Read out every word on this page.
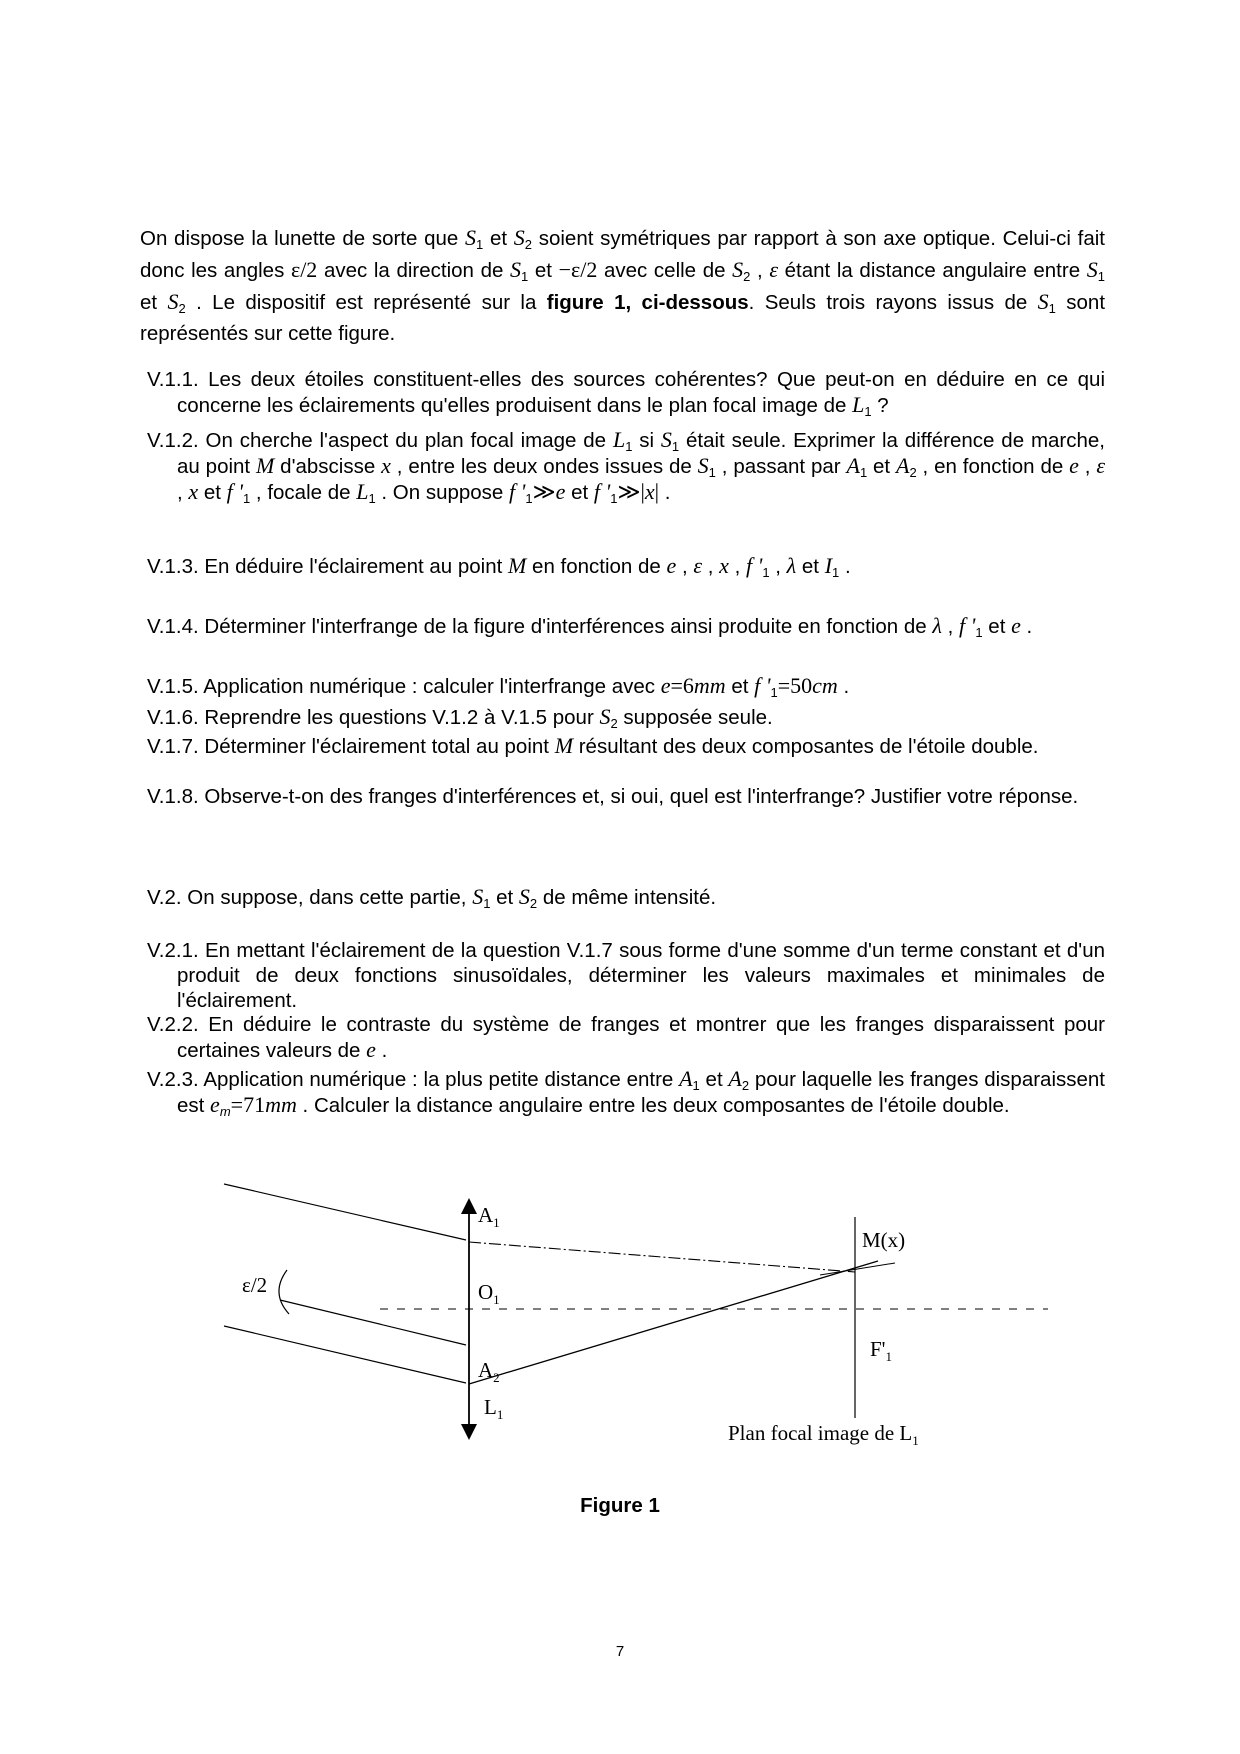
On dispose la lunette de sorte que $S_1$ et $S_2$ soient symétriques par rapport à son axe optique. Celui-ci fait donc les angles ε/2 avec la direction de $S_1$ et −ε/2 avec celle de $S_2$ , ε étant la distance angulaire entre $S_1$ et $S_2$ . Le dispositif est représenté sur la figure 1, ci-dessous. Seuls trois rayons issus de $S_1$ sont représentés sur cette figure.
V.1.1. Les deux étoiles constituent-elles des sources cohérentes? Que peut-on en déduire en ce qui concerne les éclairements qu'elles produisent dans le plan focal image de $L_1$ ?
V.1.2. On cherche l'aspect du plan focal image de $L_1$ si $S_1$ était seule. Exprimer la différence de marche, au point M d'abscisse x , entre les deux ondes issues de $S_1$ , passant par $A_1$ et $A_2$ , en fonction de e , ε , x et f '$_1$ , focale de $L_1$ . On suppose f '$_1≫e$ et f '$_1≫|x|$ .
V.1.3. En déduire l'éclairement au point M en fonction de e , ε , x , f '$_1$ , λ et $I_1$ .
V.1.4. Déterminer l'interfrange de la figure d'interférences ainsi produite en fonction de λ , f '$_1$ et e .
V.1.5. Application numérique : calculer l'interfrange avec e=6mm et f '$_1=50cm$ .
V.1.6. Reprendre les questions V.1.2 à V.1.5 pour $S_2$ supposée seule.
V.1.7. Déterminer l'éclairement total au point M résultant des deux composantes de l'étoile double.
V.1.8. Observe-t-on des franges d'interférences et, si oui, quel est l'interfrange? Justifier votre réponse.
V.2. On suppose, dans cette partie, $S_1$ et $S_2$ de même intensité.
V.2.1. En mettant l'éclairement de la question V.1.7 sous forme d'une somme d'un terme constant et d'un produit de deux fonctions sinusoïdales, déterminer les valeurs maximales et minimales de l'éclairement.
V.2.2. En déduire le contraste du système de franges et montrer que les franges disparaissent pour certaines valeurs de e .
V.2.3. Application numérique : la plus petite distance entre $A_1$ et $A_2$ pour laquelle les franges disparaissent est $e_m=71mm$ . Calculer la distance angulaire entre les deux composantes de l'étoile double.
$A_1$
$O_1$
$A_2$
$L_1$
M(x)
$F'_1$
ε/2
Plan focal image de $L_1$
Figure 1
7
